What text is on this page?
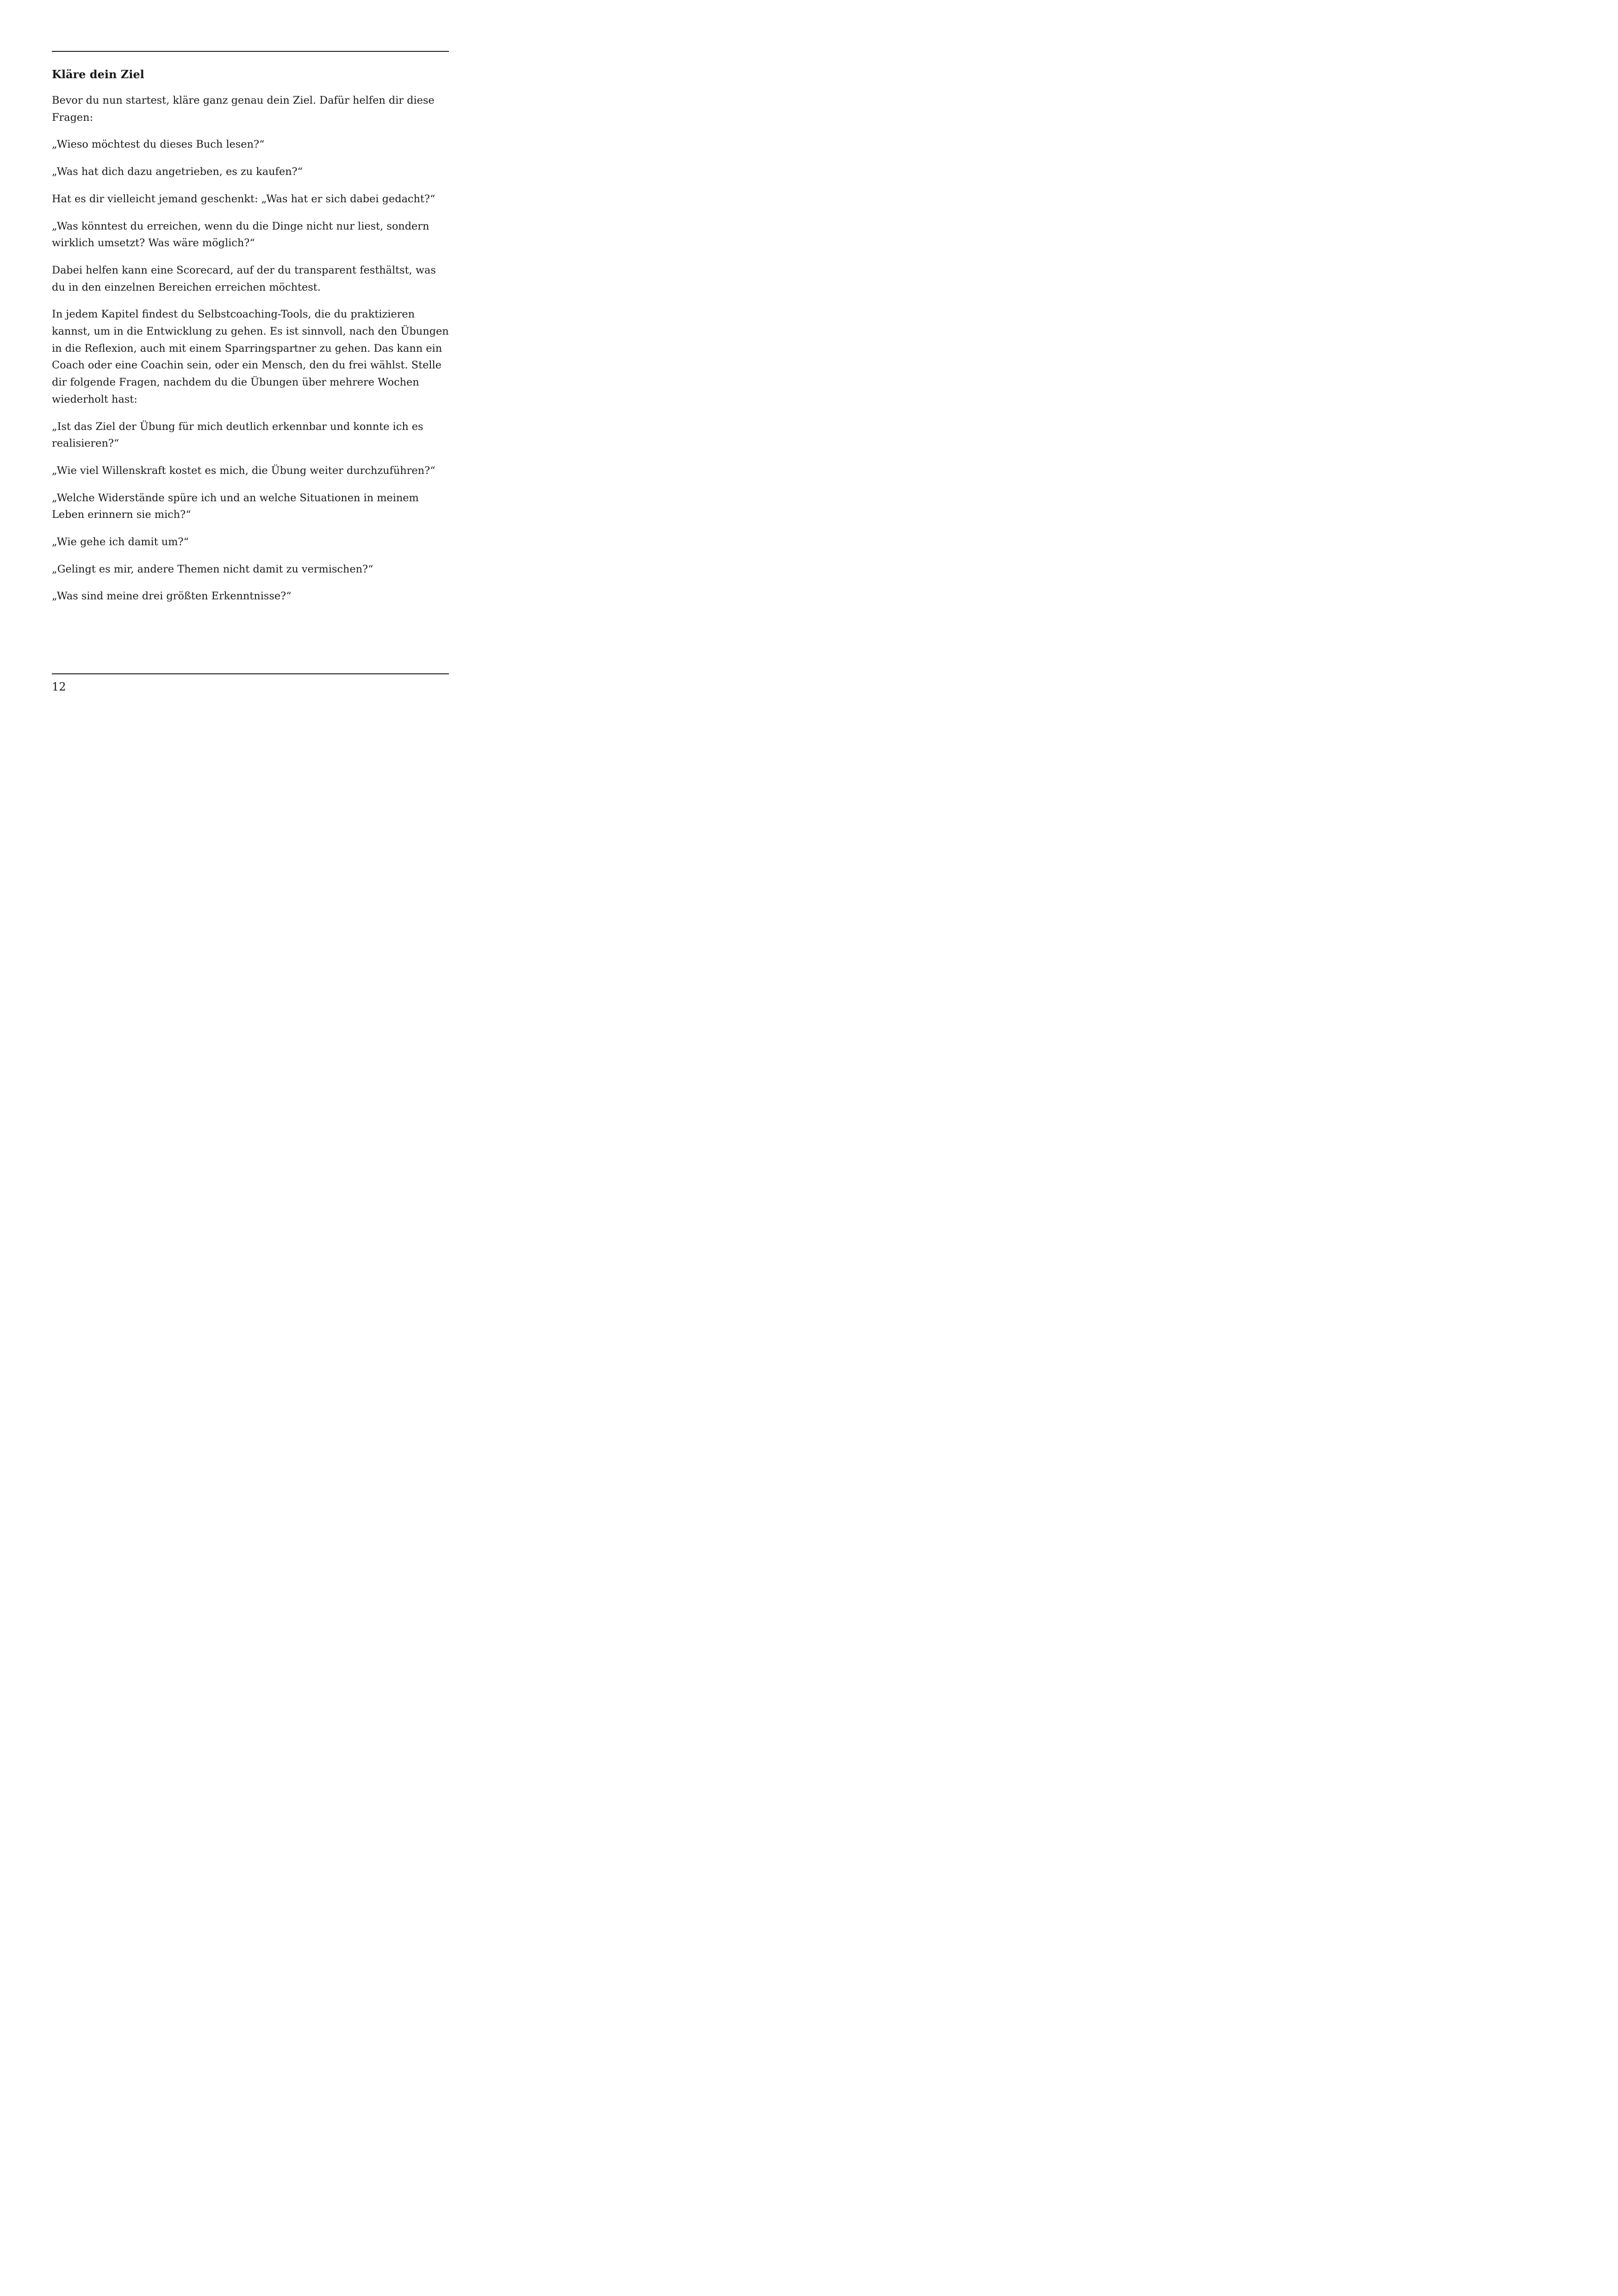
Kläre dein Ziel

Bevor du nun startest, kläre ganz genau dein Ziel. Dafür helfen dir diese Fragen:

„Wieso möchtest du dieses Buch lesen?“

„Was hat dich dazu angetrieben, es zu kaufen?“

Hat es dir vielleicht jemand geschenkt: „Was hat er sich dabei gedacht?“

„Was könntest du erreichen, wenn du die Dinge nicht nur liest, sondern wirklich umsetzt? Was wäre möglich?“

Dabei helfen kann eine Scorecard, auf der du transparent festhältst, was du in den einzelnen Bereichen erreichen möchtest.

In jedem Kapitel findest du Selbstcoaching-Tools, die du praktizieren kannst, um in die Entwicklung zu gehen. Es ist sinnvoll, nach den Übungen in die Reflexion, auch mit einem Sparringspartner zu gehen. Das kann ein Coach oder eine Coachin sein, oder ein Mensch, den du frei wählst. Stelle dir folgende Fragen, nachdem du die Übungen über mehrere Wochen wiederholt hast:

„Ist das Ziel der Übung für mich deutlich erkennbar und konnte ich es realisieren?“

„Wie viel Willenskraft kostet es mich, die Übung weiter durchzuführen?“

„Welche Widerstände spüre ich und an welche Situationen in meinem Leben erinnern sie mich?“

„Wie gehe ich damit um?“

„Gelingt es mir, andere Themen nicht damit zu vermischen?“

„Was sind meine drei größten Erkenntnisse?“

12
